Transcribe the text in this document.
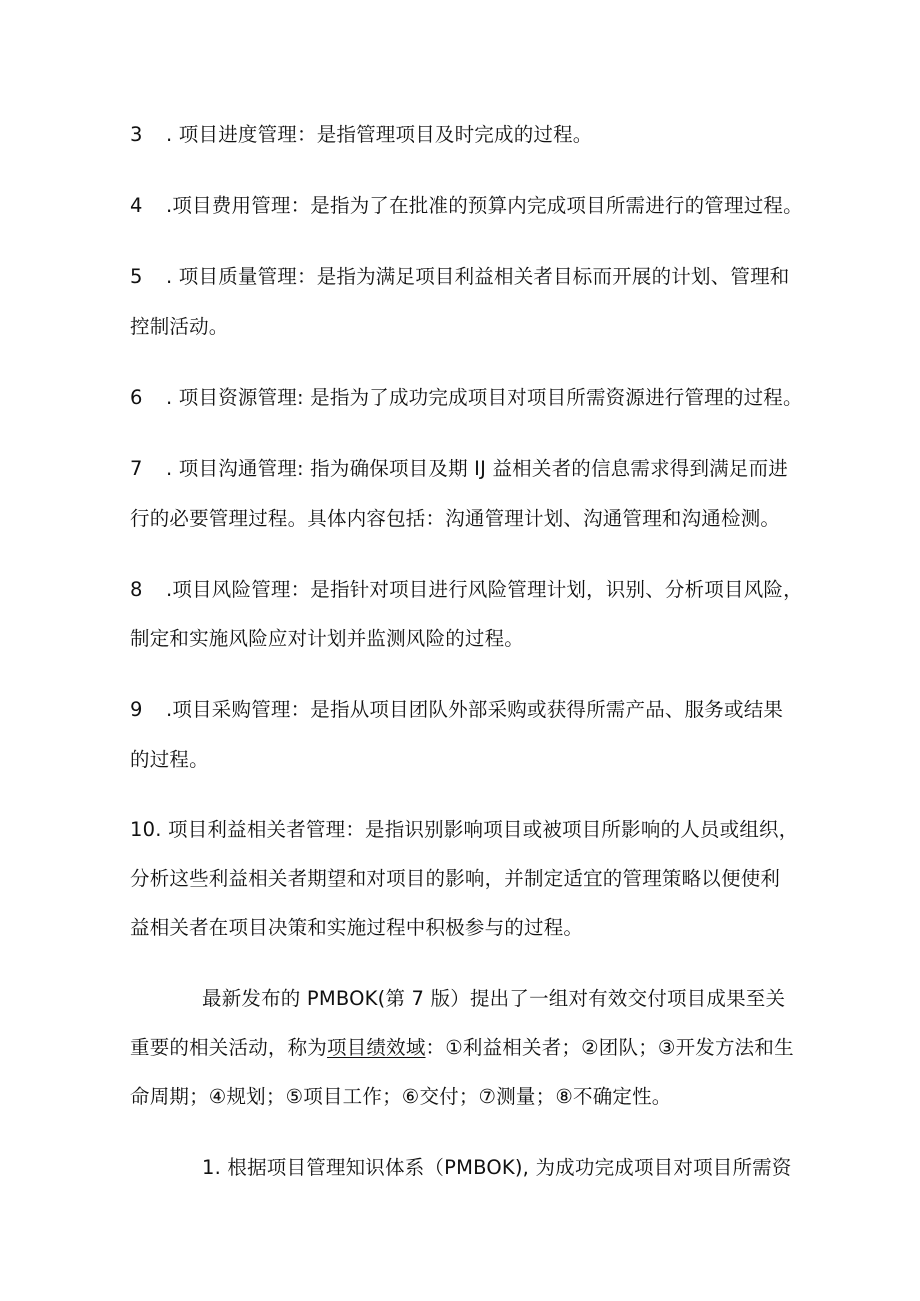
3 . 项目进度管理：是指管理项目及时完成的过程。
4 .项目费用管理：是指为了在批准的预算内完成项目所需进行的管理过程。
5 . 项目质量管理：是指为满足项目利益相关者目标而开展的计划、管理和
控制活动。
6 . 项目资源管理: 是指为了成功完成项目对项目所需资源进行管理的过程。
7 . 项目沟通管理: 指为确保项目及期 IJ 益相关者的信息需求得到满足而进
行的必要管理过程。具体内容包括：沟通管理计划、沟通管理和沟通检测。
8 .项目风险管理：是指针对项目进行风险管理计划，识别、分析项目风险，
制定和实施风险应对计划并监测风险的过程。
9 .项目采购管理：是指从项目团队外部采购或获得所需产品、服务或结果
的过程。
10. 项目利益相关者管理：是指识别影响项目或被项目所影响的人员或组织，
分析这些利益相关者期望和对项目的影响，并制定适宜的管理策略以便使利
益相关者在项目决策和实施过程中积极参与的过程。
最新发布的 PMBOK(第 7 版）提出了一组对有效交付项目成果至关
重要的相关活动，称为项目绩效域：①利益相关者；②团队；③开发方法和生
命周期；④规划；⑤项目工作；⑥交付；⑦测量；⑧不确定性。
1. 根据项目管理知识体系（PMBOK), 为成功完成项目对项目所需资
